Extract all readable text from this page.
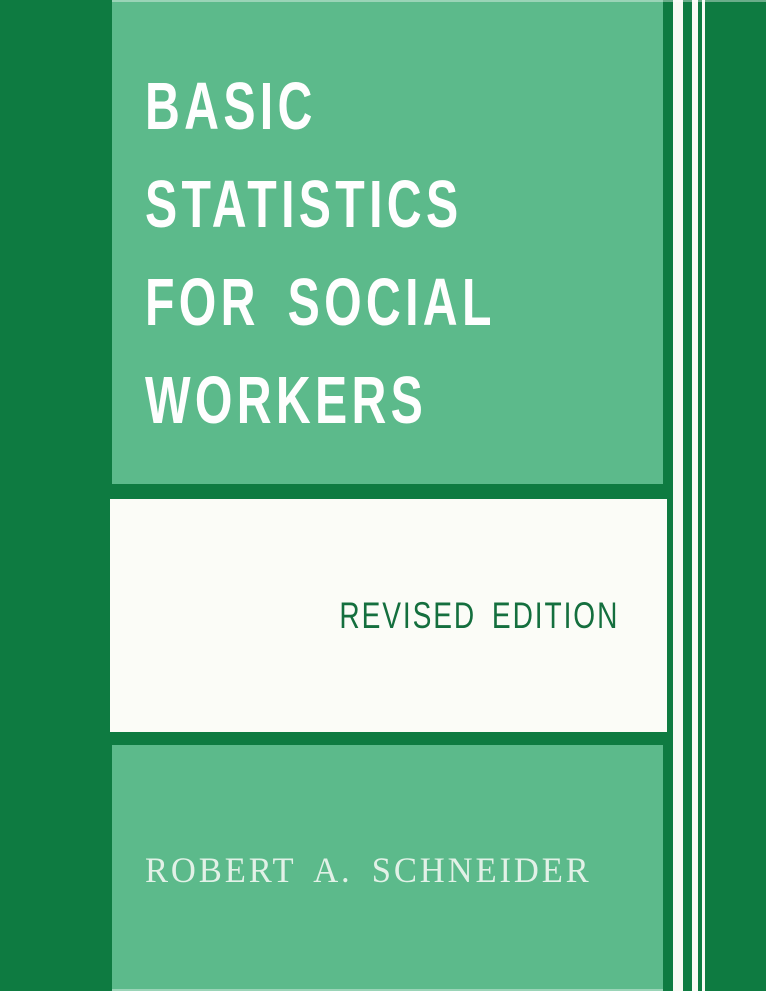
BASIC
STATISTICS
FOR SOCIAL
WORKERS
REVISED EDITION
ROBERT A. SCHNEIDER
